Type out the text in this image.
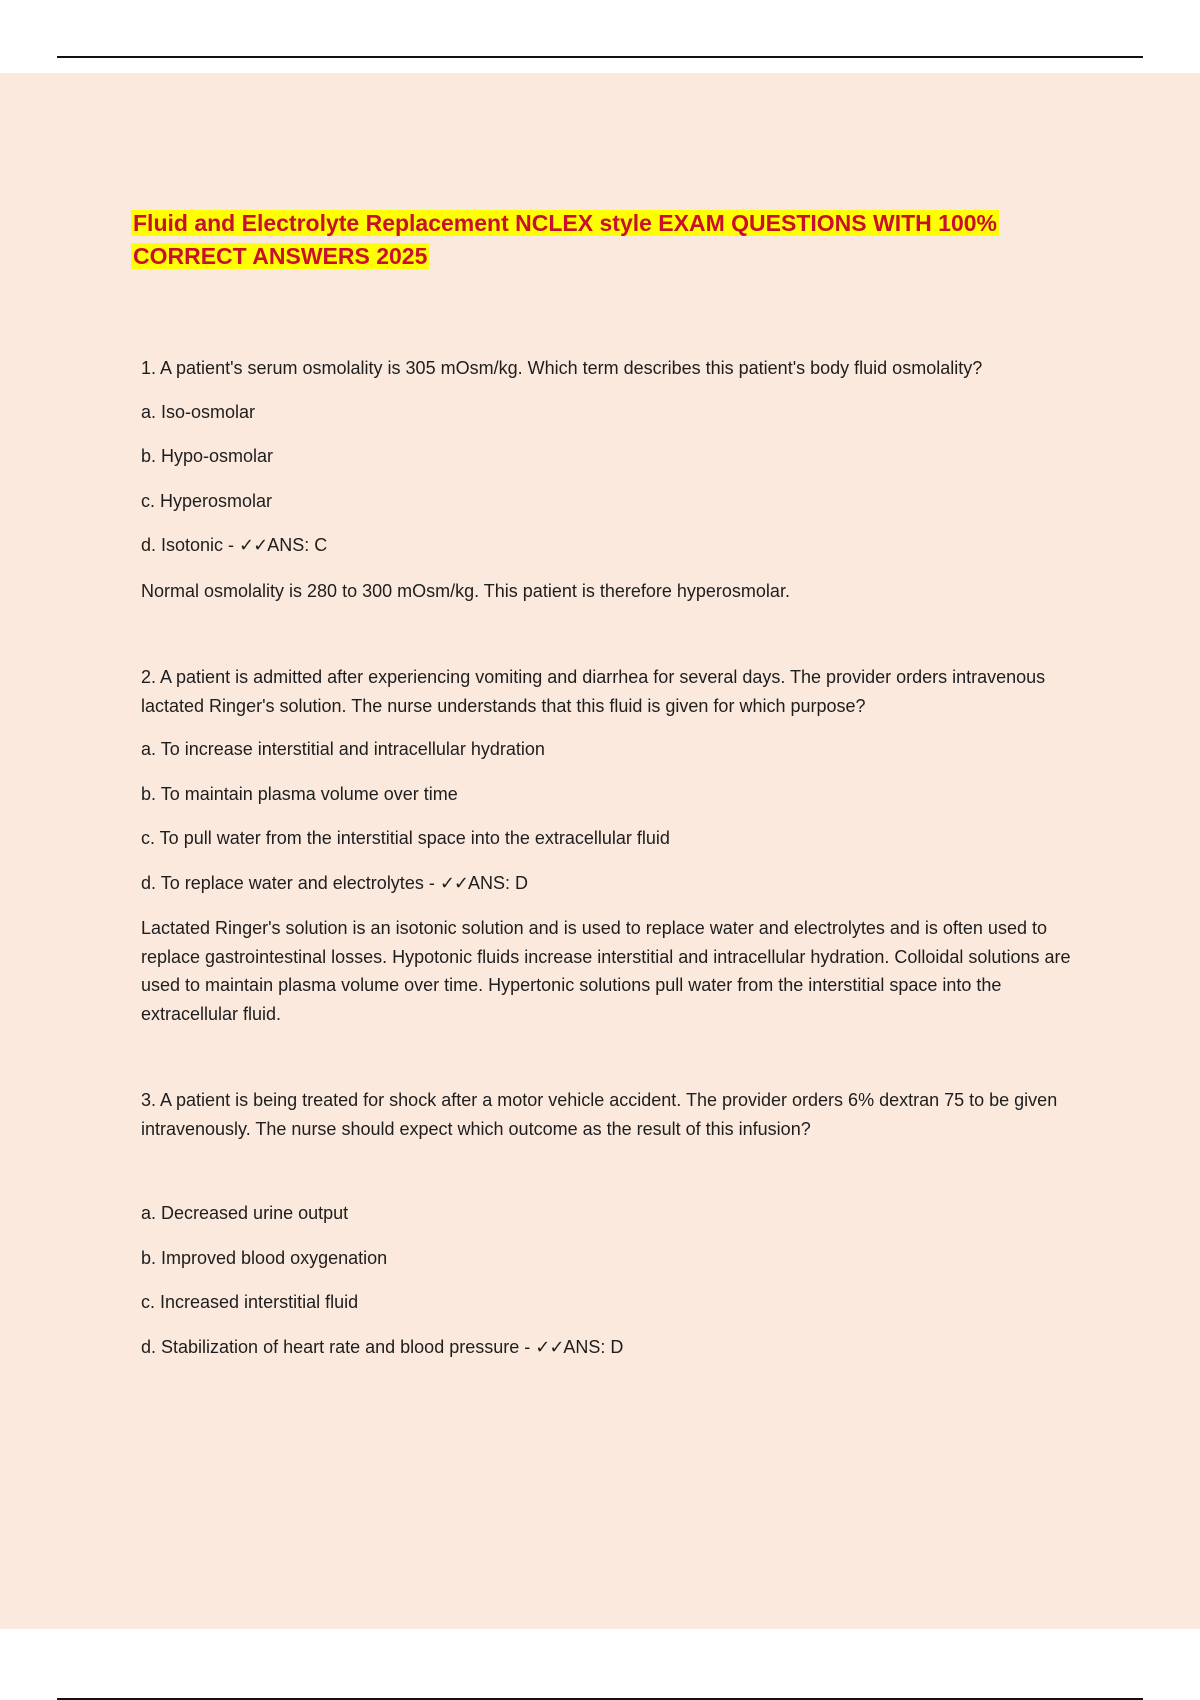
Fluid and Electrolyte Replacement NCLEX style EXAM QUESTIONS WITH 100%
CORRECT ANSWERS 2025

1. A patient's serum osmolality is 305 mOsm/kg. Which term describes this patient's body fluid osmolality?

a. Iso-osmolar

b. Hypo-osmolar

c. Hyperosmolar

d. Isotonic - ✓✓ANS: C

Normal osmolality is 280 to 300 mOsm/kg. This patient is therefore hyperosmolar.

2. A patient is admitted after experiencing vomiting and diarrhea for several days. The provider orders intravenous lactated Ringer's solution. The nurse understands that this fluid is given for which purpose?

a. To increase interstitial and intracellular hydration

b. To maintain plasma volume over time

c. To pull water from the interstitial space into the extracellular fluid

d. To replace water and electrolytes - ✓✓ANS: D

Lactated Ringer's solution is an isotonic solution and is used to replace water and electrolytes and is often used to replace gastrointestinal losses. Hypotonic fluids increase interstitial and intracellular hydration. Colloidal solutions are used to maintain plasma volume over time. Hypertonic solutions pull water from the interstitial space into the extracellular fluid.

3. A patient is being treated for shock after a motor vehicle accident. The provider orders 6% dextran 75 to be given intravenously. The nurse should expect which outcome as the result of this infusion?

a. Decreased urine output

b. Improved blood oxygenation

c. Increased interstitial fluid

d. Stabilization of heart rate and blood pressure - ✓✓ANS: D
